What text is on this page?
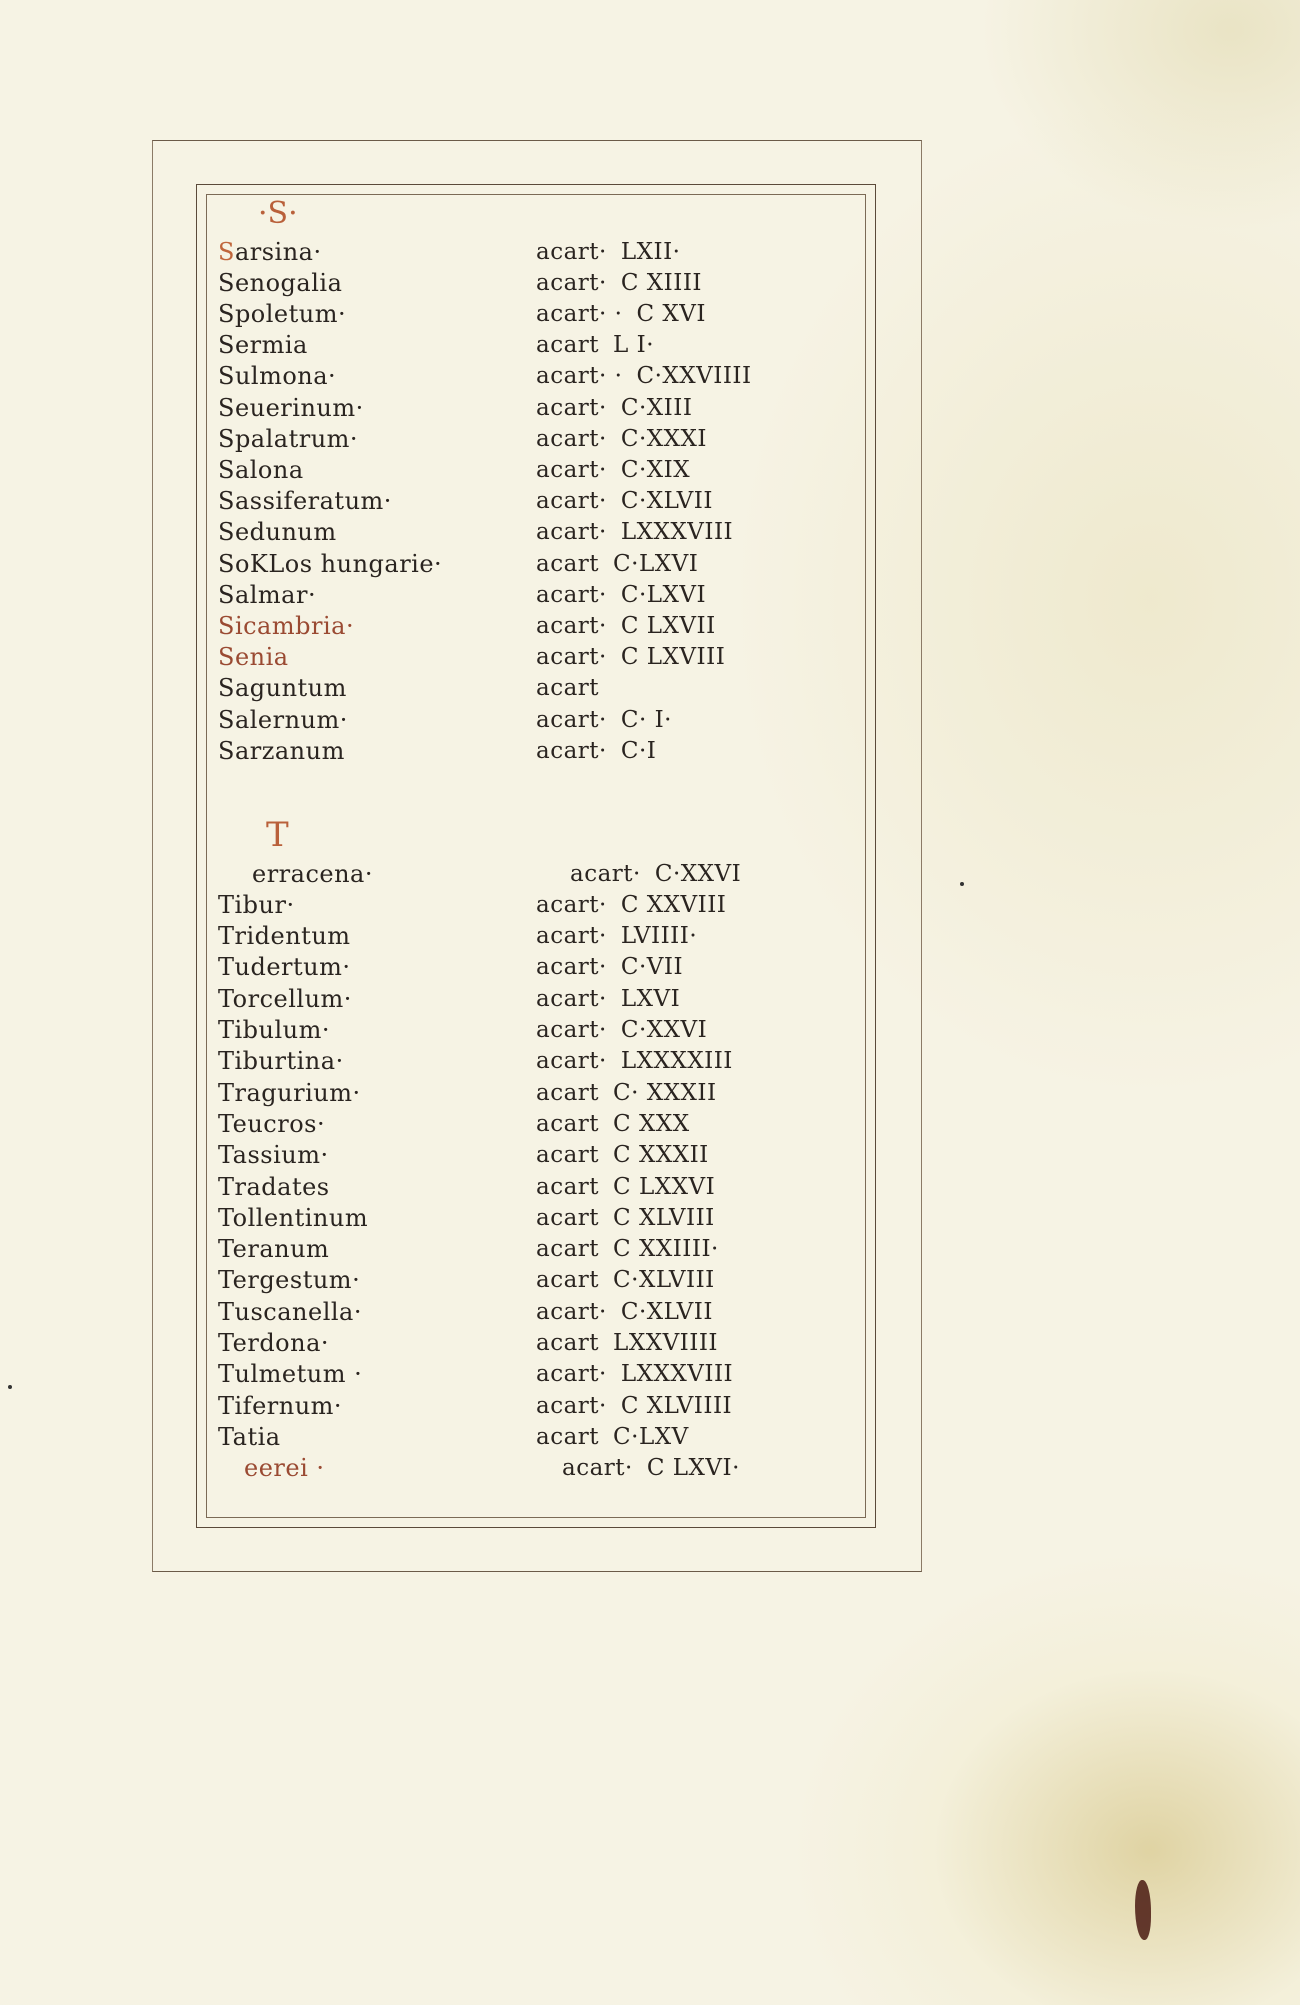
·S·
Sarsina·	acart· LXII·
Senogalia	acart· C XIIII
Spoletum·	acart· · C XVI
Sermia	acart L I·
Sulmona·	acart· · C·XXVIIII
Seuerinum·	acart· C·XIII
Spalatrum·	acart· C·XXXI
Salona	acart· C·XIX
Sassiferatum·	acart· C·XLVII
Sedunum	acart· LXXXVIII
SoKLos hungarie·	acart C·LXVI
Salmar·	acart· C·LXVI
Sicambria·	acart· C LXVII
Senia	acart· C LXVIII
Saguntum	acart
Salernum·	acart· C· I·
Sarzanum	acart· C·I
T
erracena·	acart· C·XXVI
Tibur·	acart· C XXVIII
Tridentum	acart· LVIIII·
Tudertum·	acart· C·VII
Torcellum·	acart· LXVI
Tibulum·	acart· C·XXVI
Tiburtina·	acart· LXXXXIII
Tragurium·	acart C· XXXII
Teucros·	acart C XXX
Tassium·	acart C XXXII
Tradates	acart C LXXVI
Tollentinum	acart C XLVIII
Teranum	acart C XXIIII·
Tergestum·	acart C·XLVIII
Tuscanella·	acart· C·XLVII
Terdona·	acart LXXVIIII
Tulmetum ·	acart· LXXXVIII
Tifernum·	acart· C XLVIIII
Tatia	acart C·LXV
eerei ·	acart· C LXVI·
